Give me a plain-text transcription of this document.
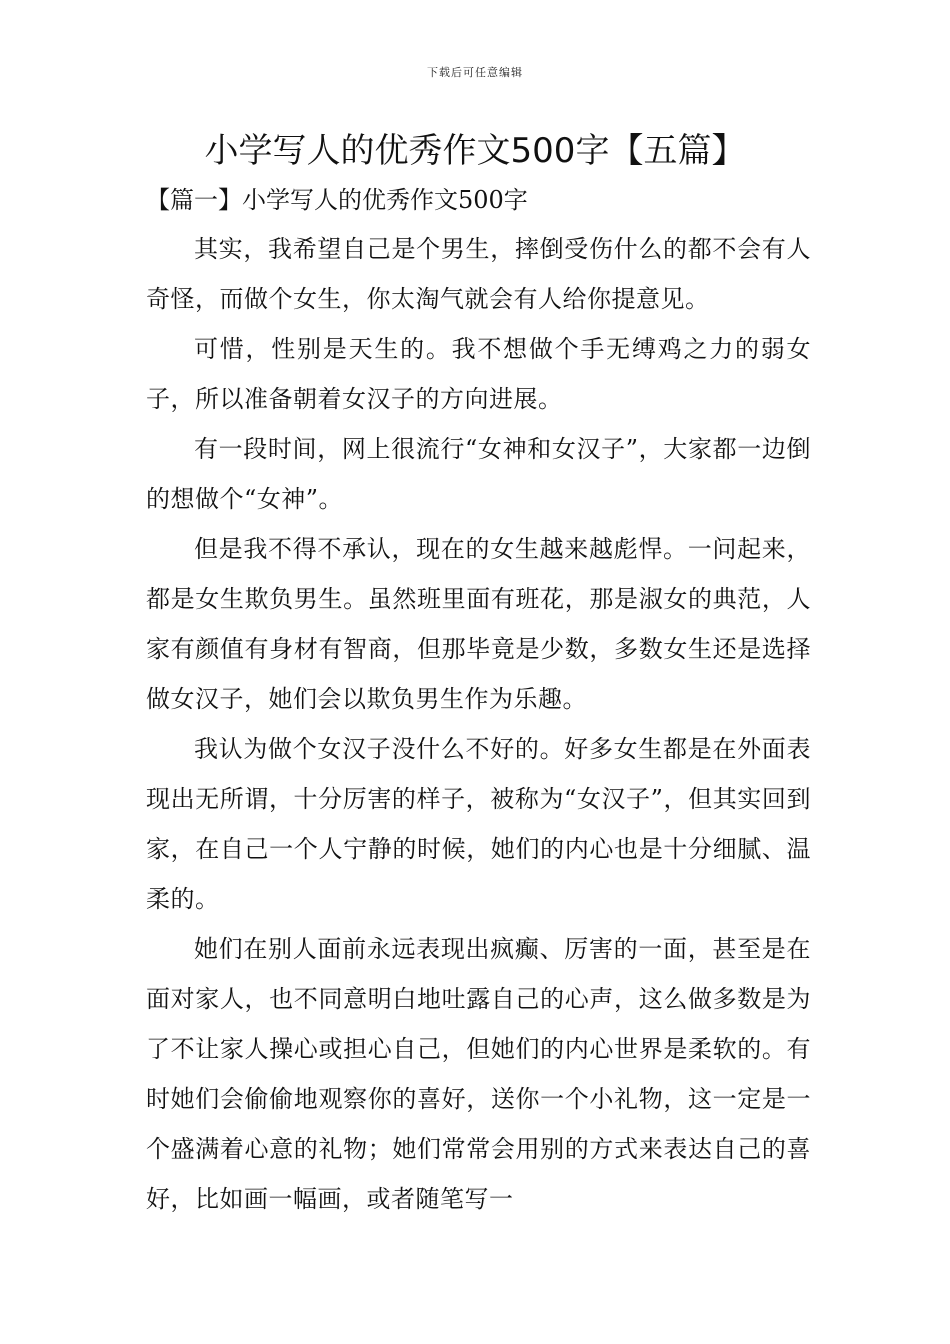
下载后可任意编辑
小学写人的优秀作文500字【五篇】
【篇一】小学写人的优秀作文500字

其实，我希望自己是个男生，摔倒受伤什么的都不会有人奇怪，而做个女生，你太淘气就会有人给你提意见。

可惜，性别是天生的。我不想做个手无缚鸡之力的弱女子，所以准备朝着女汉子的方向进展。

有一段时间，网上很流行“女神和女汉子”，大家都一边倒的想做个“女神”。

但是我不得不承认，现在的女生越来越彪悍。一问起来，都是女生欺负男生。虽然班里面有班花，那是淑女的典范，人家有颜值有身材有智商，但那毕竟是少数，多数女生还是选择做女汉子，她们会以欺负男生作为乐趣。

我认为做个女汉子没什么不好的。好多女生都是在外面表现出无所谓，十分厉害的样子，被称为“女汉子”，但其实回到家，在自己一个人宁静的时候，她们的内心也是十分细腻、温柔的。

她们在别人面前永远表现出疯癫、厉害的一面，甚至是在面对家人，也不同意明白地吐露自己的心声，这么做多数是为了不让家人操心或担心自己，但她们的内心世界是柔软的。有时她们会偷偷地观察你的喜好，送你一个小礼物，这一定是一个盛满着心意的礼物；她们常常会用别的方式来表达自己的喜好，比如画一幅画，或者随笔写一
